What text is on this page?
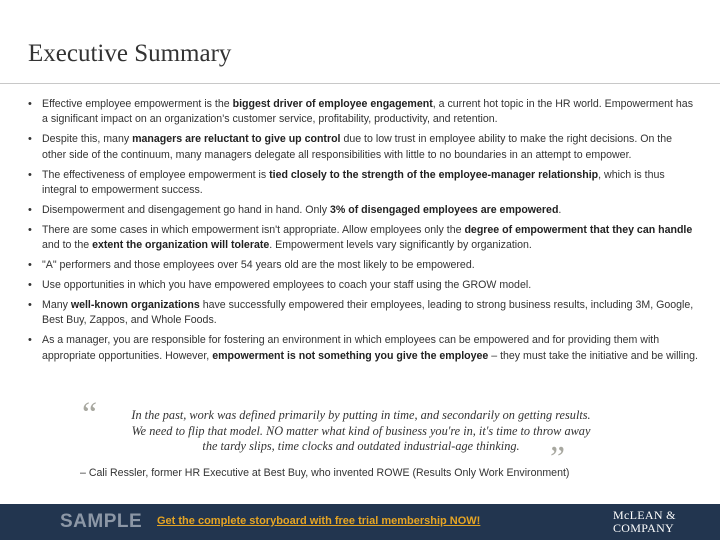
Executive Summary
• Effective employee empowerment is the biggest driver of employee engagement, a current hot topic in the HR world. Empowerment has a significant impact on an organization's customer service, profitability, productivity, and retention.
• Despite this, many managers are reluctant to give up control due to low trust in employee ability to make the right decisions. On the other side of the continuum, many managers delegate all responsibilities with little to no boundaries in an attempt to empower.
• The effectiveness of employee empowerment is tied closely to the strength of the employee-manager relationship, which is thus integral to empowerment success.
• Disempowerment and disengagement go hand in hand. Only 3% of disengaged employees are empowered.
• There are some cases in which empowerment isn't appropriate. Allow employees only the degree of empowerment that they can handle and to the extent the organization will tolerate. Empowerment levels vary significantly by organization.
• "A" performers and those employees over 54 years old are the most likely to be empowered.
• Use opportunities in which you have empowered employees to coach your staff using the GROW model.
• Many well-known organizations have successfully empowered their employees, leading to strong business results, including 3M, Google, Best Buy, Zappos, and Whole Foods.
• As a manager, you are responsible for fostering an environment in which employees can be empowered and for providing them with appropriate opportunities. However, empowerment is not something you give the employee – they must take the initiative and be willing.
“	In the past, work was defined primarily by putting in time, and secondarily on getting results.
We need to flip that model. NO matter what kind of business you're in, it's time to throw away
the tardy slips, time clocks and outdated industrial-age thinking. ”
– Cali Ressler, former HR Executive at Best Buy, who invented ROWE (Results Only Work Environment)
SAMPLE Get the complete storyboard with free trial membership NOW!	McLEAN &
COMPANY
